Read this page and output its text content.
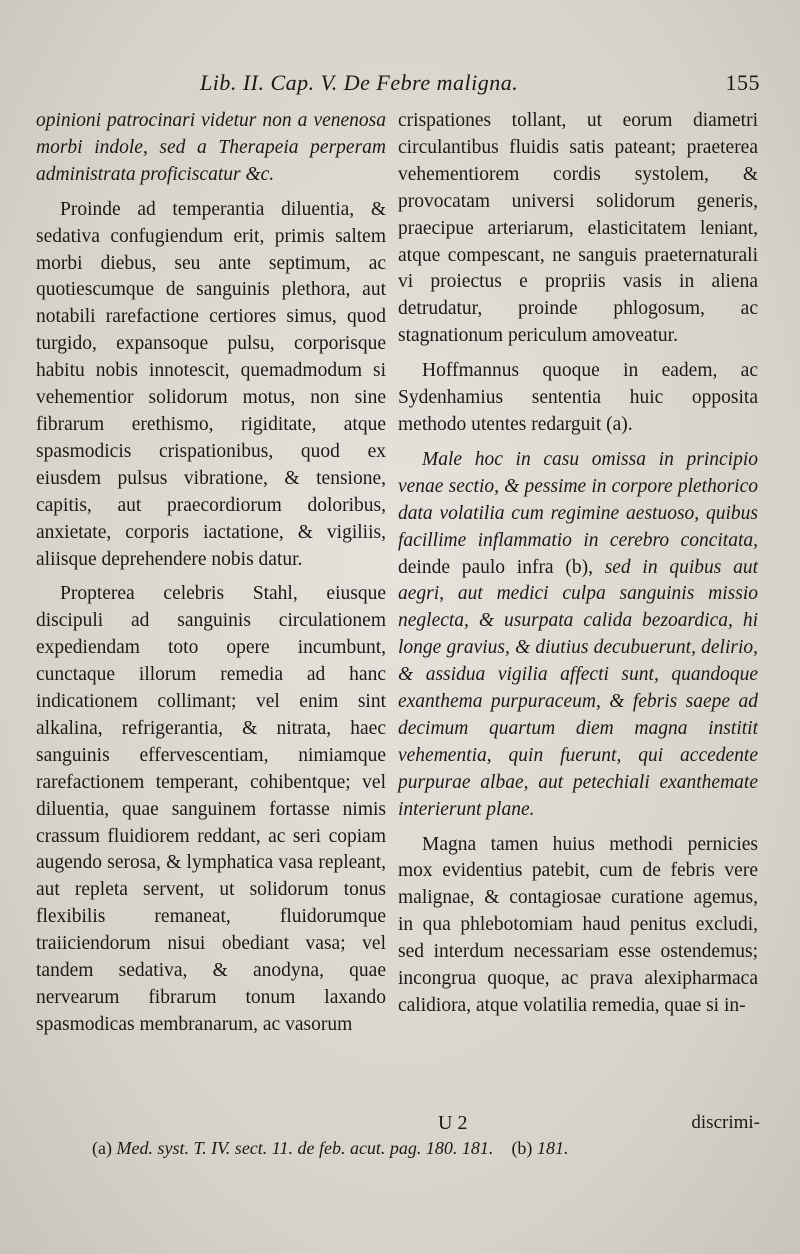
Lib. II. Cap. V. De Febre maligna.	155

opinioni patrocinari videtur non a venenosa morbi indole, sed a Therapeia perperam administrata proficiscatur &c.

Proinde ad temperantia diluentia, & sedativa confugiendum erit, primis saltem morbi diebus, seu ante septimum, ac quotiescumque de sanguinis plethora, aut notabili rarefactione certiores simus, quod turgido, expansoque pulsu, corporisque habitu nobis innotescit, quemadmodum si vehementior solidorum motus, non sine fibrarum erethismo, rigiditate, atque spasmodicis crispationibus, quod ex eiusdem pulsus vibratione, & tensione, capitis, aut praecordiorum doloribus, anxietate, corporis iactatione, & vigiliis, aliisque deprehendere nobis datur.

Propterea celebris Stahl, eiusque discipuli ad sanguinis circulationem expediendam toto opere incumbunt, cunctaque illorum remedia ad hanc indicationem collimant; vel enim sint alkalina, refrigerantia, & nitrata, haec sanguinis effervescentiam, nimiamque rarefactionem temperant, cohibentque; vel diluentia, quae sanguinem fortasse nimis crassum fluidiorem reddant, ac seri copiam augendo serosa, & lymphatica vasa repleant, aut repleta servent, ut solidorum tonus flexibilis remaneat, fluidorumque traiiciendorum nisui obediant vasa; vel tandem sedativa, & anodyna, quae nervearum fibrarum tonum laxando spasmodicas membranarum, ac vasorum

crispationes tollant, ut eorum diametri circulantibus fluidis satis pateant; praeterea vehementiorem cordis systolem, & provocatam universi solidorum generis, praecipue arteriarum, elasticitatem leniant, atque compescant, ne sanguis praeternaturali vi proiectus e propriis vasis in aliena detrudatur, proinde phlogosum, ac stagnationum periculum amoveatur.

Hoffmannus quoque in eadem, ac Sydenhamius sententia huic opposita methodo utentes redarguit (a).

Male hoc in casu omissa in principio venae sectio, & pessime in corpore plethorico data volatilia cum regimine aestuoso, quibus facillime inflammatio in cerebro concitata, deinde paulo infra (b), sed in quibus aut aegri, aut medici culpa sanguinis missio neglecta, & usurpata calida bezoardica, hi longe gravius, & diutius decubuerunt, delirio, & assidua vigilia affecti sunt, quandoque exanthema purpuraceum, & febris saepe ad decimum quartum diem magna institit vehementia, quin fuerunt, qui accedente purpurae albae, aut petechiali exanthemate interierunt plane.

Magna tamen huius methodi pernicies mox evidentius patebit, cum de febris vere malignae, & contagiosae curatione agemus, in qua phlebotomiam haud penitus excludi, sed interdum necessariam esse ostendemus; incongrua quoque, ac prava alexipharmaca calidiora, atque volatilia remedia, quae si in-

U 2	discrimi-
(a) Med. syst. T. IV. sect. 11. de feb. acut. pag. 180. 181. (b) 181.
